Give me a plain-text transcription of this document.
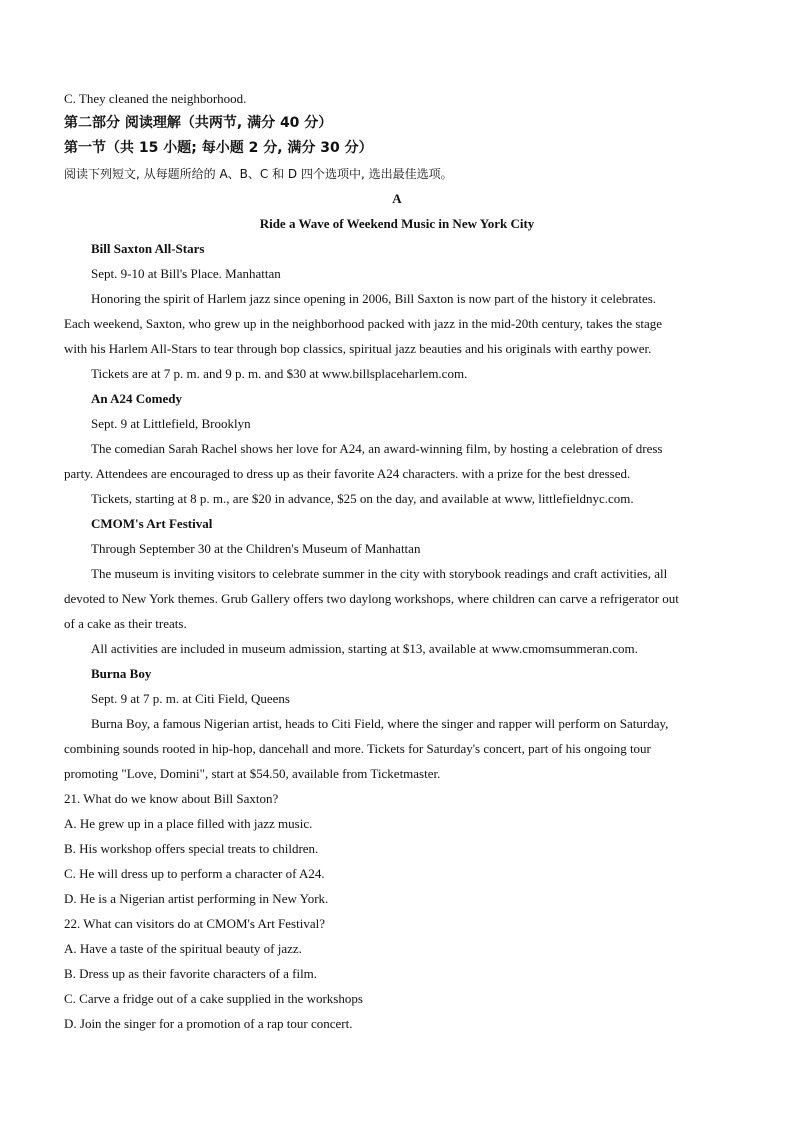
C. They cleaned the neighborhood.
第二部分 阅读理解（共两节, 满分 40 分）
第一节（共 15 小题; 每小题 2 分, 满分 30 分）
阅读下列短文, 从每题所给的 A、B、C 和 D 四个选项中, 选出最佳选项。
A
Ride a Wave of Weekend Music in New York City
Bill Saxton All-Stars
Sept. 9-10 at Bill's Place. Manhattan
Honoring the spirit of Harlem jazz since opening in 2006, Bill Saxton is now part of the history it celebrates.
Each weekend, Saxton, who grew up in the neighborhood packed with jazz in the mid-20th century, takes the stage
with his Harlem All-Stars to tear through bop classics, spiritual jazz beauties and his originals with earthy power.
Tickets are at 7 p. m. and 9 p. m. and $30 at www.billsplaceharlem.com.
An A24 Comedy
Sept. 9 at Littlefield, Brooklyn
The comedian Sarah Rachel shows her love for A24, an award-winning film, by hosting a celebration of dress
party. Attendees are encouraged to dress up as their favorite A24 characters. with a prize for the best dressed.
Tickets, starting at 8 p. m., are $20 in advance, $25 on the day, and available at www, littlefieldnyc.com.
CMOM's Art Festival
Through September 30 at the Children's Museum of Manhattan
The museum is inviting visitors to celebrate summer in the city with storybook readings and craft activities, all
devoted to New York themes. Grub Gallery offers two daylong workshops, where children can carve a refrigerator out
of a cake as their treats.
All activities are included in museum admission, starting at $13, available at www.cmomsummeran.com.
Burna Boy
Sept. 9 at 7 p. m. at Citi Field, Queens
Burna Boy, a famous Nigerian artist, heads to Citi Field, where the singer and rapper will perform on Saturday,
combining sounds rooted in hip-hop, dancehall and more. Tickets for Saturday's concert, part of his ongoing tour
promoting "Love, Domini", start at $54.50, available from Ticketmaster.
21. What do we know about Bill Saxton?
A. He grew up in a place filled with jazz music.
B. His workshop offers special treats to children.
C. He will dress up to perform a character of A24.
D. He is a Nigerian artist performing in New York.
22. What can visitors do at CMOM's Art Festival?
A. Have a taste of the spiritual beauty of jazz.
B. Dress up as their favorite characters of a film.
C. Carve a fridge out of a cake supplied in the workshops
D. Join the singer for a promotion of a rap tour concert.
